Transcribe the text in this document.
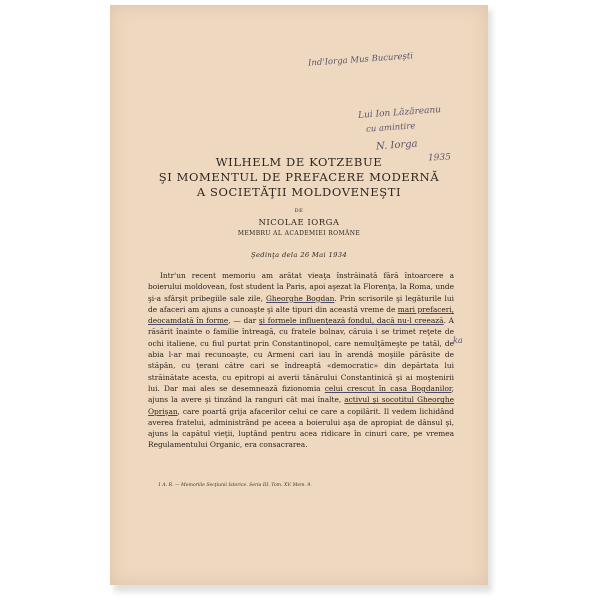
Ind'Iorga Mus Bucureşti
Lui Ion Lăzăreanu
cu amintire
N. Iorga
1935
ka
WILHELM DE KOTZEBUE
ŞI MOMENTUL DE PREFACERE MODERNĂ
A SOCIETĂŢII MOLDOVENEŞTI
DE
NICOLAE IORGA
MEMBRU AL ACADEMIEI ROMÂNE
Şedinţa dela 26 Mai 1934

Intr'un recent memoriu am arătat vieaţa înstrăinată fără întoarcere a boierului moldovean, fost student la Paris, apoi aşezat la Florenţa, la Roma, unde şi-a sfârşit pribegiile sale zile, Gheorghe Bogdan. Prin scrisorile şi legăturile lui de afaceri am ajuns a cunoaşte şi alte tipuri din această vreme de mari prefaceri, deocamdată în forme, — dar şi formele influenţează fondul, dacă nu-l creează. A răsărit înainte o familie întreagă, cu fratele bolnav, căruia i se trimet reţete de ochi italiene, cu fiul purtat prin Constantinopol, care nemulţămeşte pe tatăl, de abia l-ar mai recunoaşte, cu Armeni cari iau în arendă moşiile părăsite de stăpân, cu ţerani către cari se îndreaptă «democratic» din depărtata lui străinătate acesta, cu epitropi ai averii tânărului Constantinică şi ai moştenirii lui. Dar mai ales se desemnează fizionomia celui crescut în casa Bogdanilor, ajuns la avere şi tinzând la ranguri cât mai înalte, activul şi socotitul Gheorghe Oprişan, care poartă grija afacerilor celui ce care a copilărit. Il vedem lichidând averea fratelui, administrând pe aceea a boierului aşa de apropiat de dânsul şi, ajuns la capătul vieţii, luptând pentru acea ridicare în cinuri care, pe vremea Regulamentului Organic, era consacrarea.

1 A. R. — Memoriile Secţiunii Istorice. Seria III. Tom. XV. Mem. 9.
